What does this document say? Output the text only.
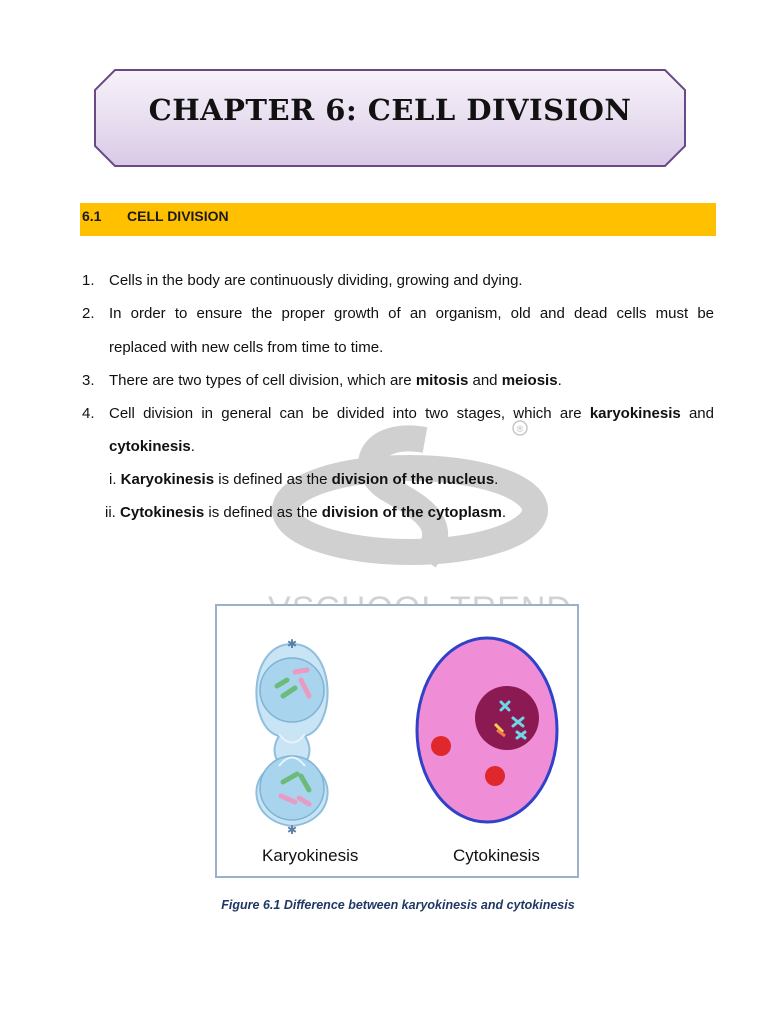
CHAPTER 6: CELL DIVISION
6.1 CELL DIVISION
®
1. Cells in the body are continuously dividing, growing and dying.
2. In order to ensure the proper growth of an organism, old and dead cells must be
replaced with new cells from time to time.
3. There are two types of cell division, which are mitosis and meiosis.
4. Cell division in general can be divided into two stages, which are karyokinesis and
cytokinesis.
i. Karyokinesis is defined as the division of the nucleus.
ii. Cytokinesis is defined as the division of the cytoplasm.
✱
✱
Karyokinesis	Cytokinesis
Figure 6.1 Difference between karyokinesis and cytokinesis
